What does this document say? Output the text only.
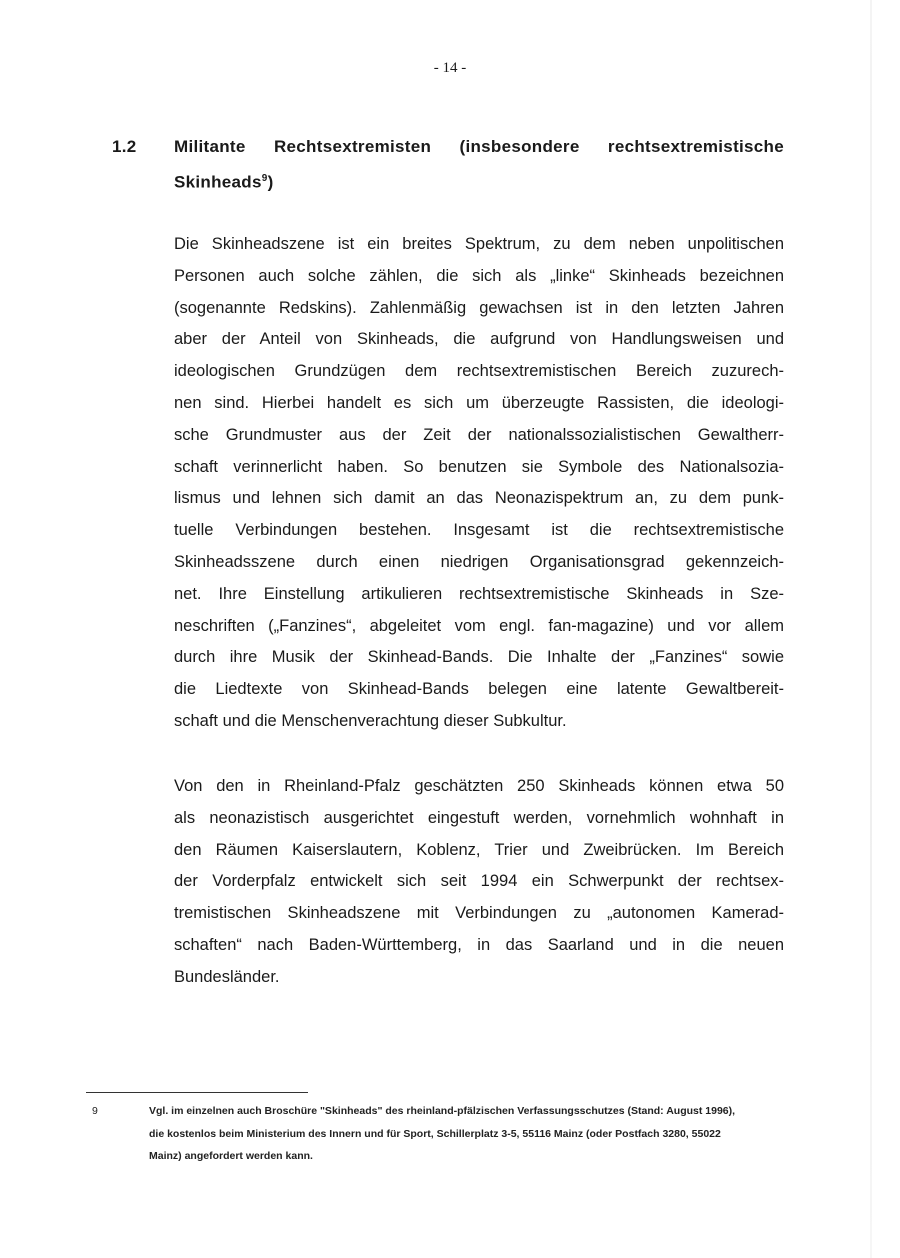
- 14 -
1.2 Militante Rechtsextremisten (insbesondere rechtsextremistische
Skinheads$^9$)
Die Skinheadszene ist ein breites Spektrum, zu dem neben unpolitischen
Personen auch solche zählen, die sich als „linke“ Skinheads bezeichnen
(sogenannte Redskins). Zahlenmäßig gewachsen ist in den letzten Jahren
aber der Anteil von Skinheads, die aufgrund von Handlungsweisen und
ideologischen Grundzügen dem rechtsextremistischen Bereich zuzurech-
nen sind. Hierbei handelt es sich um überzeugte Rassisten, die ideologi-
sche Grundmuster aus der Zeit der nationalssozialistischen Gewaltherr-
schaft verinnerlicht haben. So benutzen sie Symbole des Nationalsozia-
lismus und lehnen sich damit an das Neonazispektrum an, zu dem punk-
tuelle Verbindungen bestehen. Insgesamt ist die rechtsextremistische
Skinheadsszene durch einen niedrigen Organisationsgrad gekennzeich-
net. Ihre Einstellung artikulieren rechtsextremistische Skinheads in Sze-
neschriften („Fanzines“, abgeleitet vom engl. fan-magazine) und vor allem
durch ihre Musik der Skinhead-Bands. Die Inhalte der „Fanzines“ sowie
die Liedtexte von Skinhead-Bands belegen eine latente Gewaltbereit-
schaft und die Menschenverachtung dieser Subkultur.
Von den in Rheinland-Pfalz geschätzten 250 Skinheads können etwa 50
als neonazistisch ausgerichtet eingestuft werden, vornehmlich wohnhaft in
den Räumen Kaiserslautern, Koblenz, Trier und Zweibrücken. Im Bereich
der Vorderpfalz entwickelt sich seit 1994 ein Schwerpunkt der rechtsex-
tremistischen Skinheadszene mit Verbindungen zu „autonomen Kamerad-
schaften“ nach Baden-Württemberg, in das Saarland und in die neuen
Bundesländer.
9	Vgl. im einzelnen auch Broschüre "Skinheads" des rheinland-pfälzischen Verfassungsschutzes (Stand: August 1996),
die kostenlos beim Ministerium des Innern und für Sport, Schillerplatz 3-5, 55116 Mainz (oder Postfach 3280, 55022
Mainz) angefordert werden kann.
